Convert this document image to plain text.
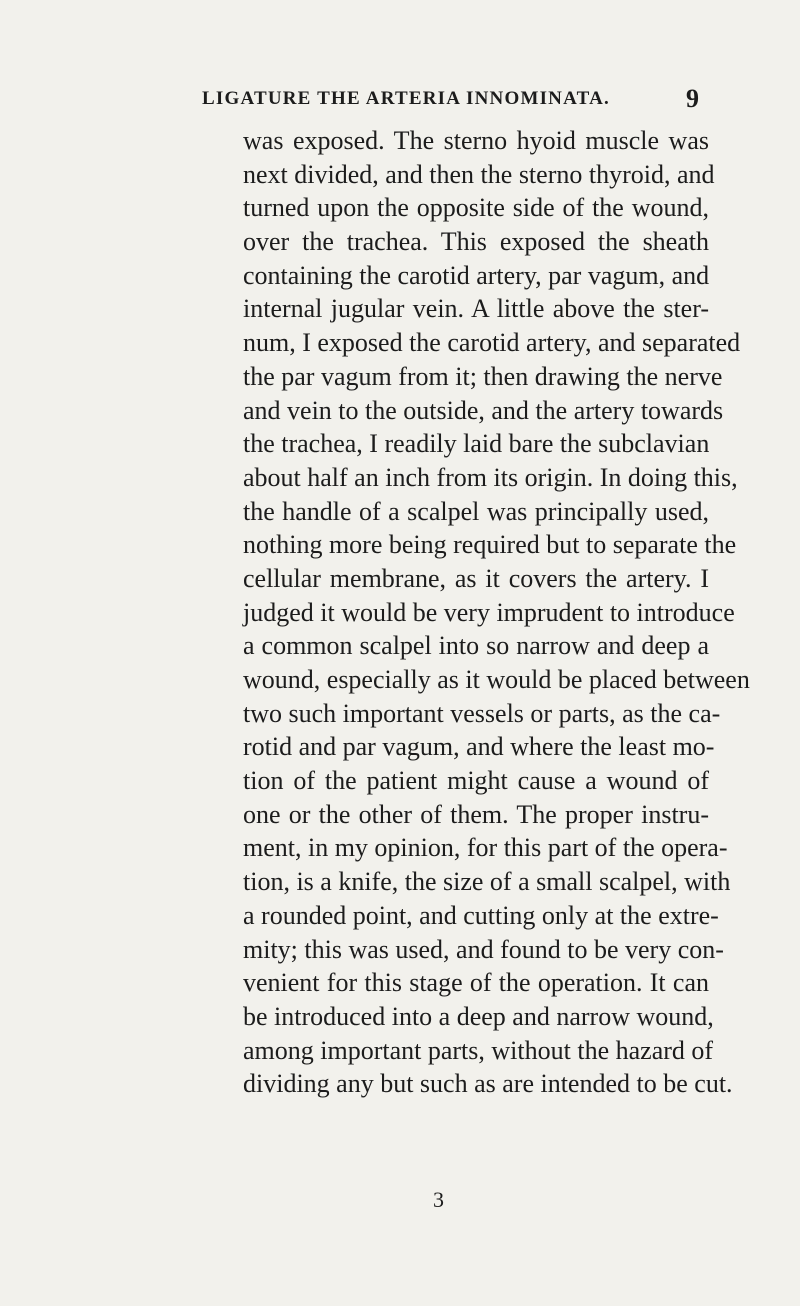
LIGATURE THE ARTERIA INNOMINATA.	9
was exposed. The sterno hyoid muscle was
next divided, and then the sterno thyroid, and
turned upon the opposite side of the wound,
over the trachea. This exposed the sheath
containing the carotid artery, par vagum, and
internal jugular vein. A little above the ster-
num, I exposed the carotid artery, and separated
the par vagum from it; then drawing the nerve
and vein to the outside, and the artery towards
the trachea, I readily laid bare the subclavian
about half an inch from its origin. In doing this,
the handle of a scalpel was principally used,
nothing more being required but to separate the
cellular membrane, as it covers the artery. I
judged it would be very imprudent to introduce
a common scalpel into so narrow and deep a
wound, especially as it would be placed between
two such important vessels or parts, as the ca-
rotid and par vagum, and where the least mo-
tion of the patient might cause a wound of
one or the other of them. The proper instru-
ment, in my opinion, for this part of the opera-
tion, is a knife, the size of a small scalpel, with
a rounded point, and cutting only at the extre-
mity; this was used, and found to be very con-
venient for this stage of the operation. It can
be introduced into a deep and narrow wound,
among important parts, without the hazard of
dividing any but such as are intended to be cut.
3
